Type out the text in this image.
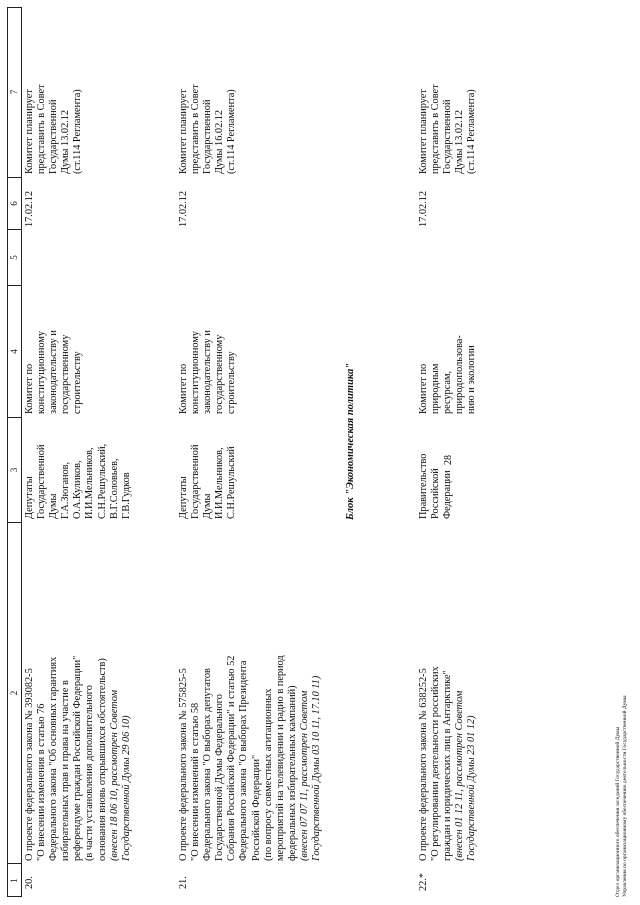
28
1
2
3
4
5
6
7
20.
О проекте федерального закона № 393082-5 "О внесении изменения в статью 76 Федерального закона "Об основных гарантиях избирательных прав и права на участие в референдуме граждан Российской Федерации" (в части установления дополнительного основания вновь открывшихся обстоятельств) (внесен 18 06 10, рассмотрен Советом Государственной Думы 29 06 10)
Депутаты Государственной Думы Г.А.Зюганов, О.А.Куликов, И.И.Мельников, С.Н.Решульский, В.Г.Соловьев, Г.В.Гудков
Комитет по конституционному законодательству и государственному строительству
17.02.12
Комитет планирует представить в Совет Государственной Думы 13.02.12 (ст.114 Регламента)
21.
О проекте федерального закона № 575825-5 "О внесении изменений в статью 58 Федерального закона "О выборах депутатов Государственной Думы Федерального Собрания Российской Федерации" и статью 52 Федерального закона "О выборах Президента Российской Федерации" (по вопросу совместных агитационных мероприятий на телевидении и радио в период федеральных избирательных кампаний) (внесен 07 07 11, рассмотрен Советом Государственной Думы 03 10 11, 17.10 11)
Депутаты Государственной Думы И.И.Мельников, С.Н.Решульский
Комитет по конституционному законодательству и государственному строительству
17.02.12
Комитет планирует представить в Совет Государственной Думы 16.02.12 (ст.114 Регламента)
Блок "Экономическая политика"
22.*
О проекте федерального закона № 638252-5 "О регулировании деятельности российских граждан и юридических лиц в Антарктике" (внесен 01 12 11, рассмотрен Советом Государственной Думы 23 01 12)
Правительство Российской Федерации
Комитет по природным ресурсам, природопользова- нию и экологии
17.02.12
Комитет планирует представить в Совет Государственной Думы 13.02.12 (ст.114 Регламента)
Отдел организационного обеспечения заседаний Государственной Думы Управления по организационному обеспечению деятельности Государственной Думы
